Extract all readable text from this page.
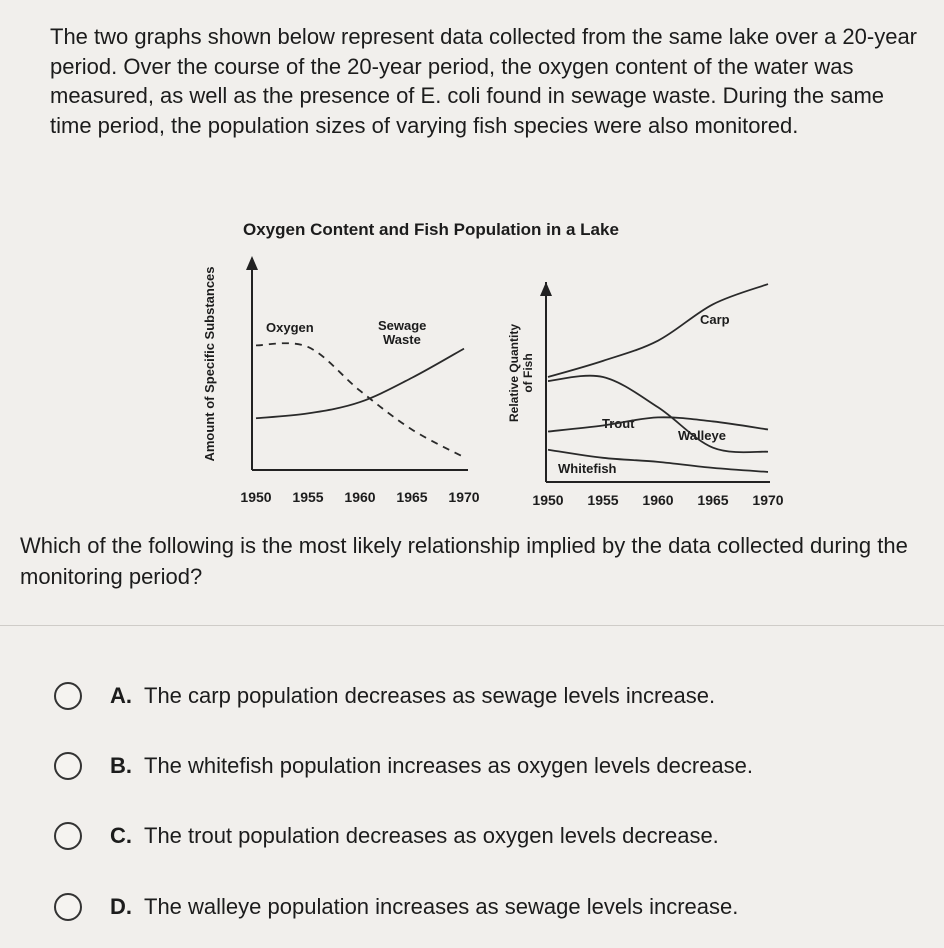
The two graphs shown below represent data collected from the same lake over a 20-year period. Over the course of the 20-year period, the oxygen content of the water was measured, as well as the presence of E. coli found in sewage waste. During the same time period, the population sizes of varying fish species were also monitored.
Oxygen Content and Fish Population in a Lake
Amount of Specific Substances	Relative Quantity of Fish
Oxygen	Sewage
Waste
Carp
Trout
Walleye
Whitefish
1950 1955 1960 1965 1970	1950 1955 1960 1965 1970
Which of the following is the most likely relationship implied by the data collected during the monitoring period?
A. The carp population decreases as sewage levels increase.
B. The whitefish population increases as oxygen levels decrease.
C. The trout population decreases as oxygen levels decrease.
D. The walleye population increases as sewage levels increase.
